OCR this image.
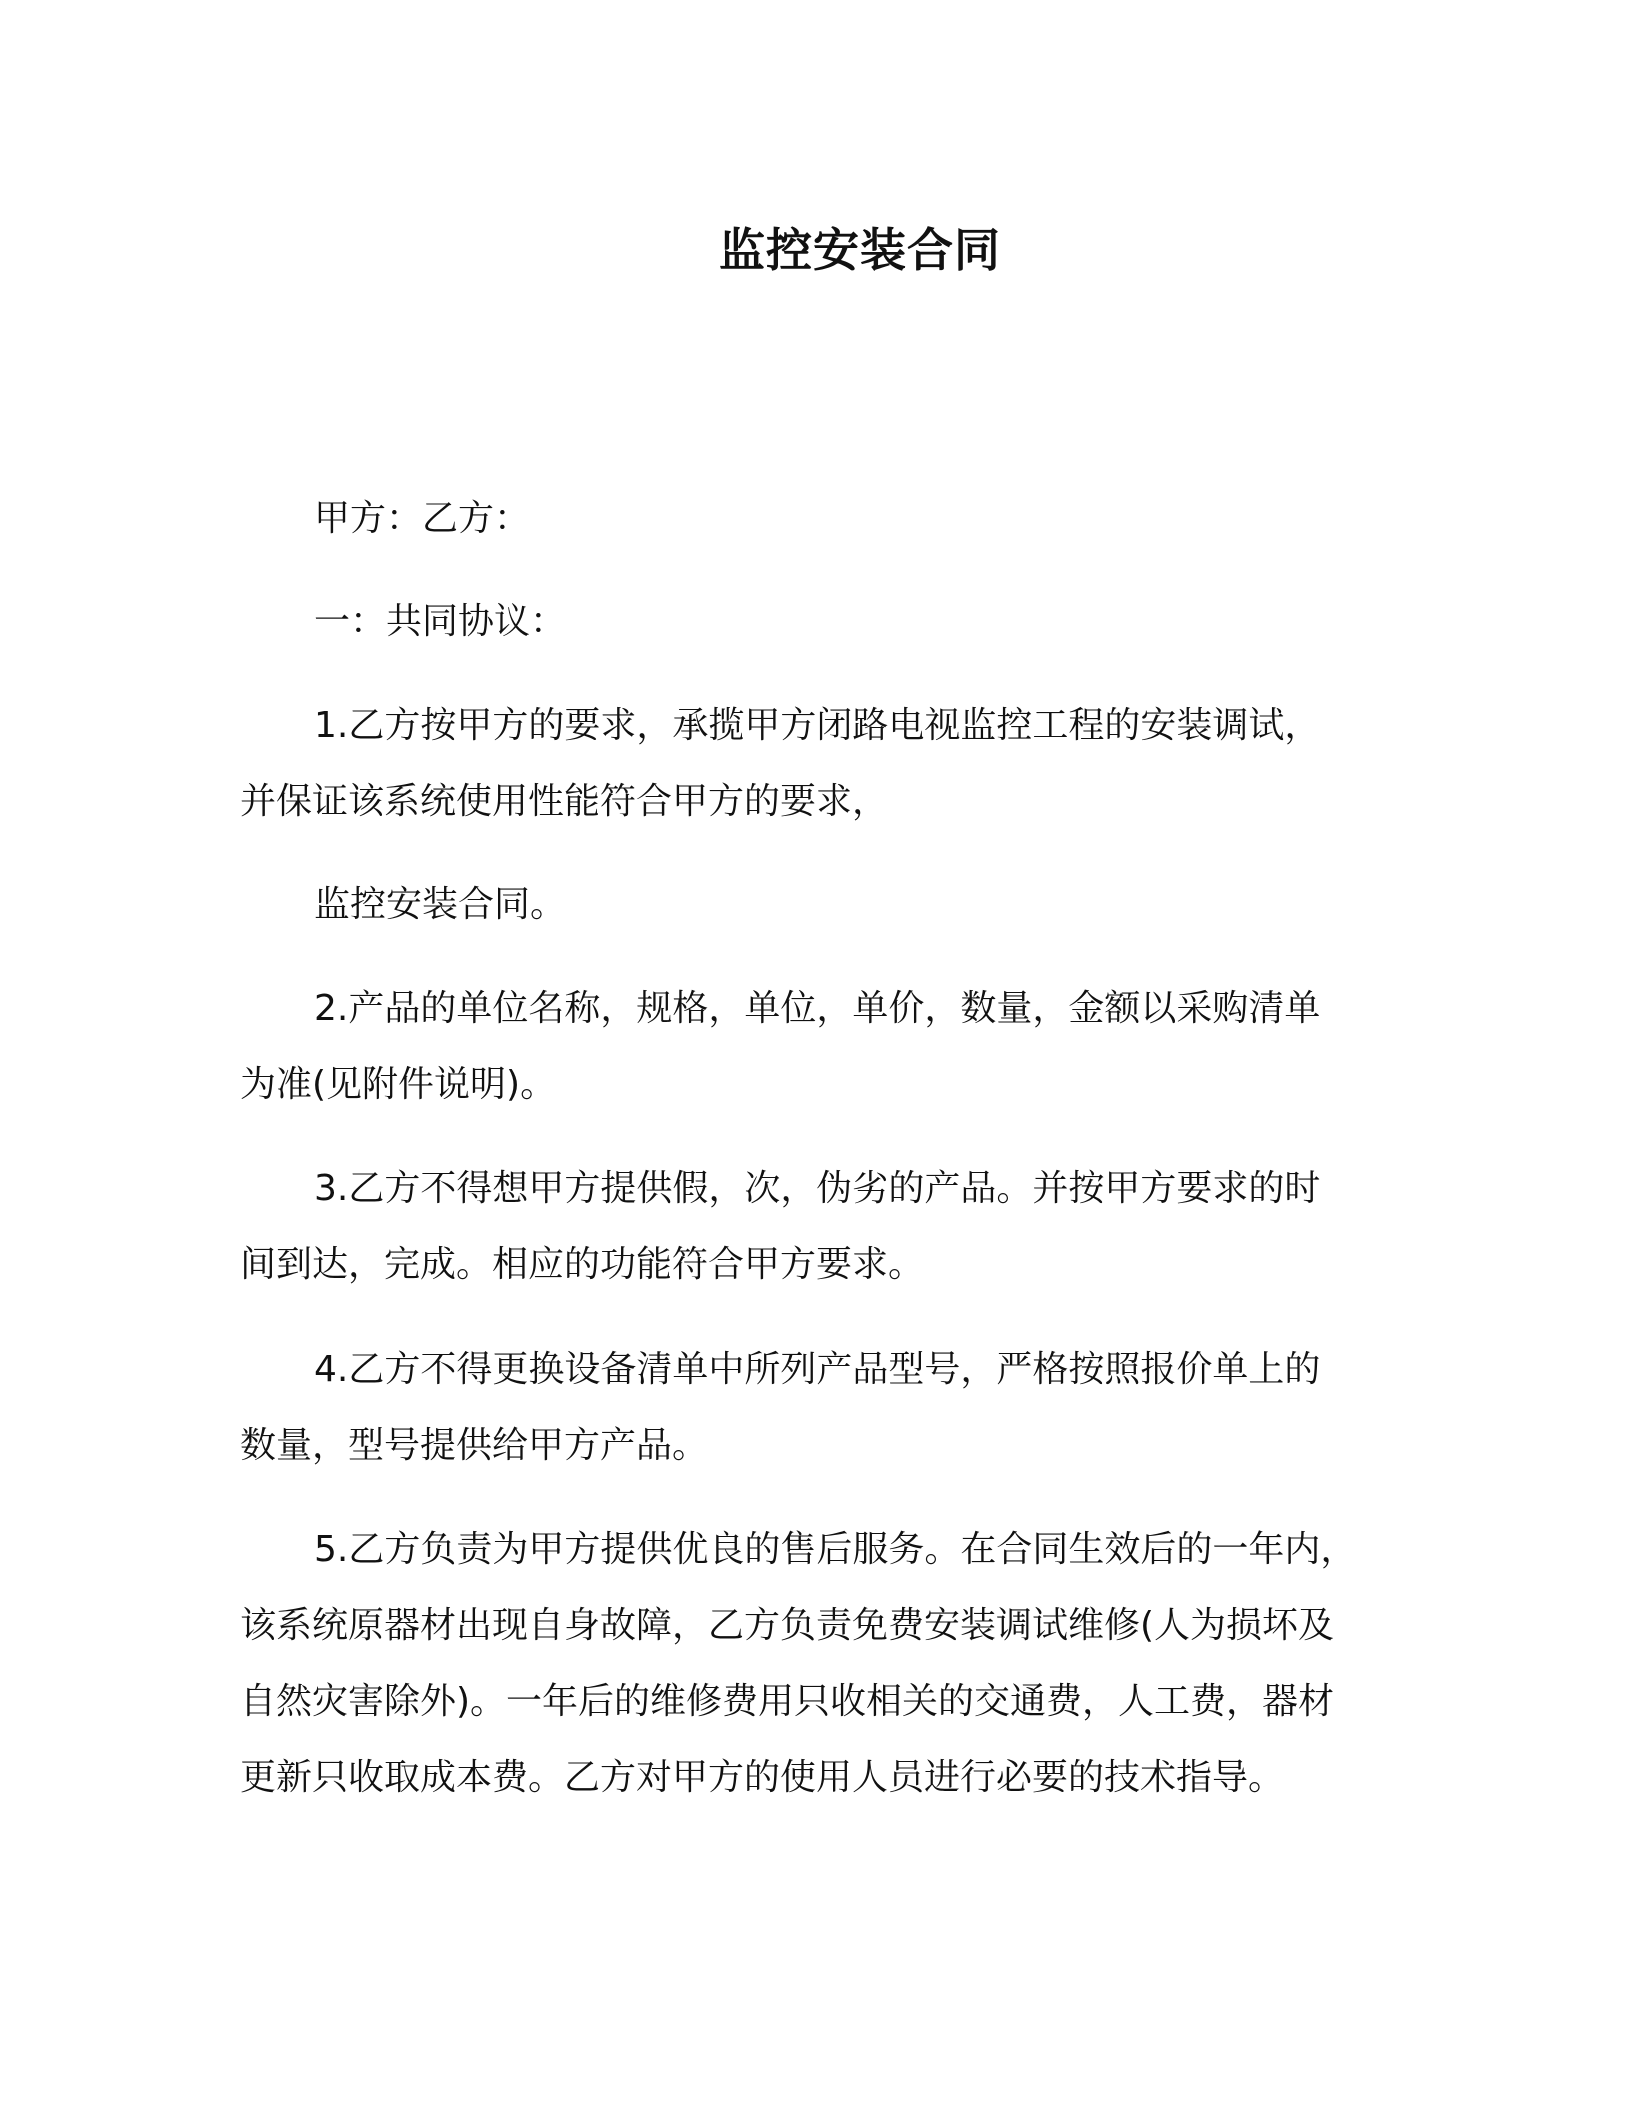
监控安装合同
甲方：乙方：
一：共同协议：
1.乙方按甲方的要求，承揽甲方闭路电视监控工程的安装调试，
并保证该系统使用性能符合甲方的要求，
监控安装合同。
2.产品的单位名称，规格，单位，单价，数量，金额以采购清单
为准(见附件说明)。
3.乙方不得想甲方提供假，次，伪劣的产品。并按甲方要求的时
间到达，完成。相应的功能符合甲方要求。
4.乙方不得更换设备清单中所列产品型号，严格按照报价单上的
数量，型号提供给甲方产品。
5.乙方负责为甲方提供优良的售后服务。在合同生效后的一年内，
该系统原器材出现自身故障，乙方负责免费安装调试维修(人为损坏及
自然灾害除外)。一年后的维修费用只收相关的交通费，人工费，器材
更新只收取成本费。乙方对甲方的使用人员进行必要的技术指导。
